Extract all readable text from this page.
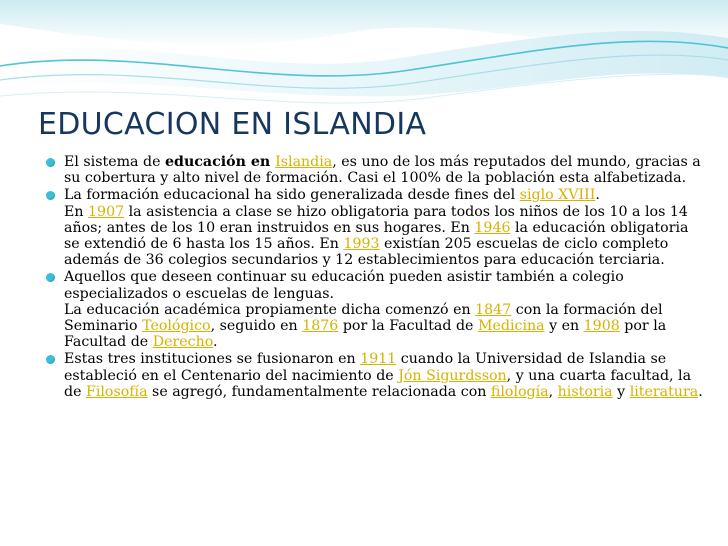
EDUCACION EN ISLANDIA
El sistema de educación en Islandia, es uno de los más reputados del mundo, gracias a su cobertura y alto nivel de formación. Casi el 100% de la población esta alfabetizada.
La formación educacional ha sido generalizada desde fines del siglo XVIII.
En 1907 la asistencia a clase se hizo obligatoria para todos los niños de los 10 a los 14 años; antes de los 10 eran instruidos en sus hogares. En 1946 la educación obligatoria se extendió de 6 hasta los 15 años. En 1993 existían 205 escuelas de ciclo completo además de 36 colegios secundarios y 12 establecimientos para educación terciaria.
Aquellos que deseen continuar su educación pueden asistir también a colegio especializados o escuelas de lenguas.
La educación académica propiamente dicha comenzó en 1847 con la formación del Seminario Teológico, seguido en 1876 por la Facultad de Medicina y en 1908 por la Facultad de Derecho.
Estas tres instituciones se fusionaron en 1911 cuando la Universidad de Islandia se estableció en el Centenario del nacimiento de Jón Sigurdsson, y una cuarta facultad, la de Filosofía se agregó, fundamentalmente relacionada con filología, historia y literatura.
